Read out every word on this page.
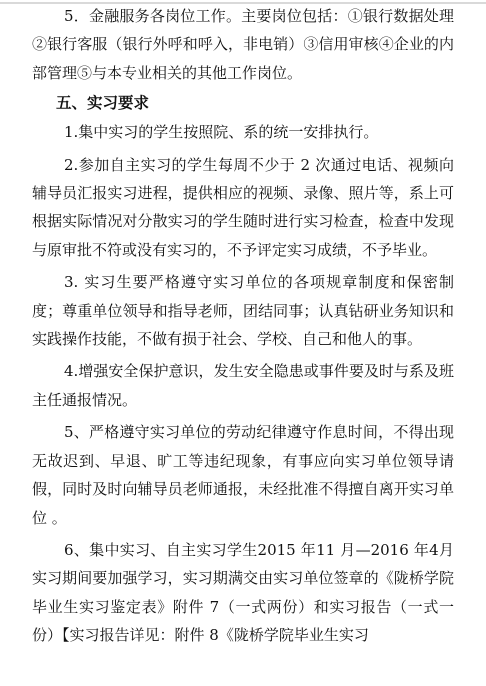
5．金融服务各岗位工作。主要岗位包括：①银行数据处理②银行客服（银行外呼和呼入，非电销）③信用审核④企业的内部管理⑤与本专业相关的其他工作岗位。

五、实习要求

1.集中实习的学生按照院、系的统一安排执行。

2.参加自主实习的学生每周不少于 2 次通过电话、视频向辅导员汇报实习进程，提供相应的视频、录像、照片等，系上可根据实际情况对分散实习的学生随时进行实习检查，检查中发现与原审批不符或没有实习的，不予评定实习成绩，不予毕业。

3. 实习生要严格遵守实习单位的各项规章制度和保密制度；尊重单位领导和指导老师，团结同事；认真钻研业务知识和实践操作技能，不做有损于社会、学校、自己和他人的事。

4.增强安全保护意识，发生安全隐患或事件要及时与系及班主任通报情况。

5、严格遵守实习单位的劳动纪律遵守作息时间，不得出现无故迟到、早退、旷工等违纪现象，有事应向实习单位领导请假，同时及时向辅导员老师通报，未经批准不得擅自离开实习单位 。

6、集中实习、自主实习学生2015 年11 月—2016 年4月实习期间要加强学习，实习期满交由实习单位签章的《陇桥学院毕业生实习鉴定表》附件 7（一式两份）和实习报告（一式一份）【实习报告详见：附件 8《陇桥学院毕业生实习
